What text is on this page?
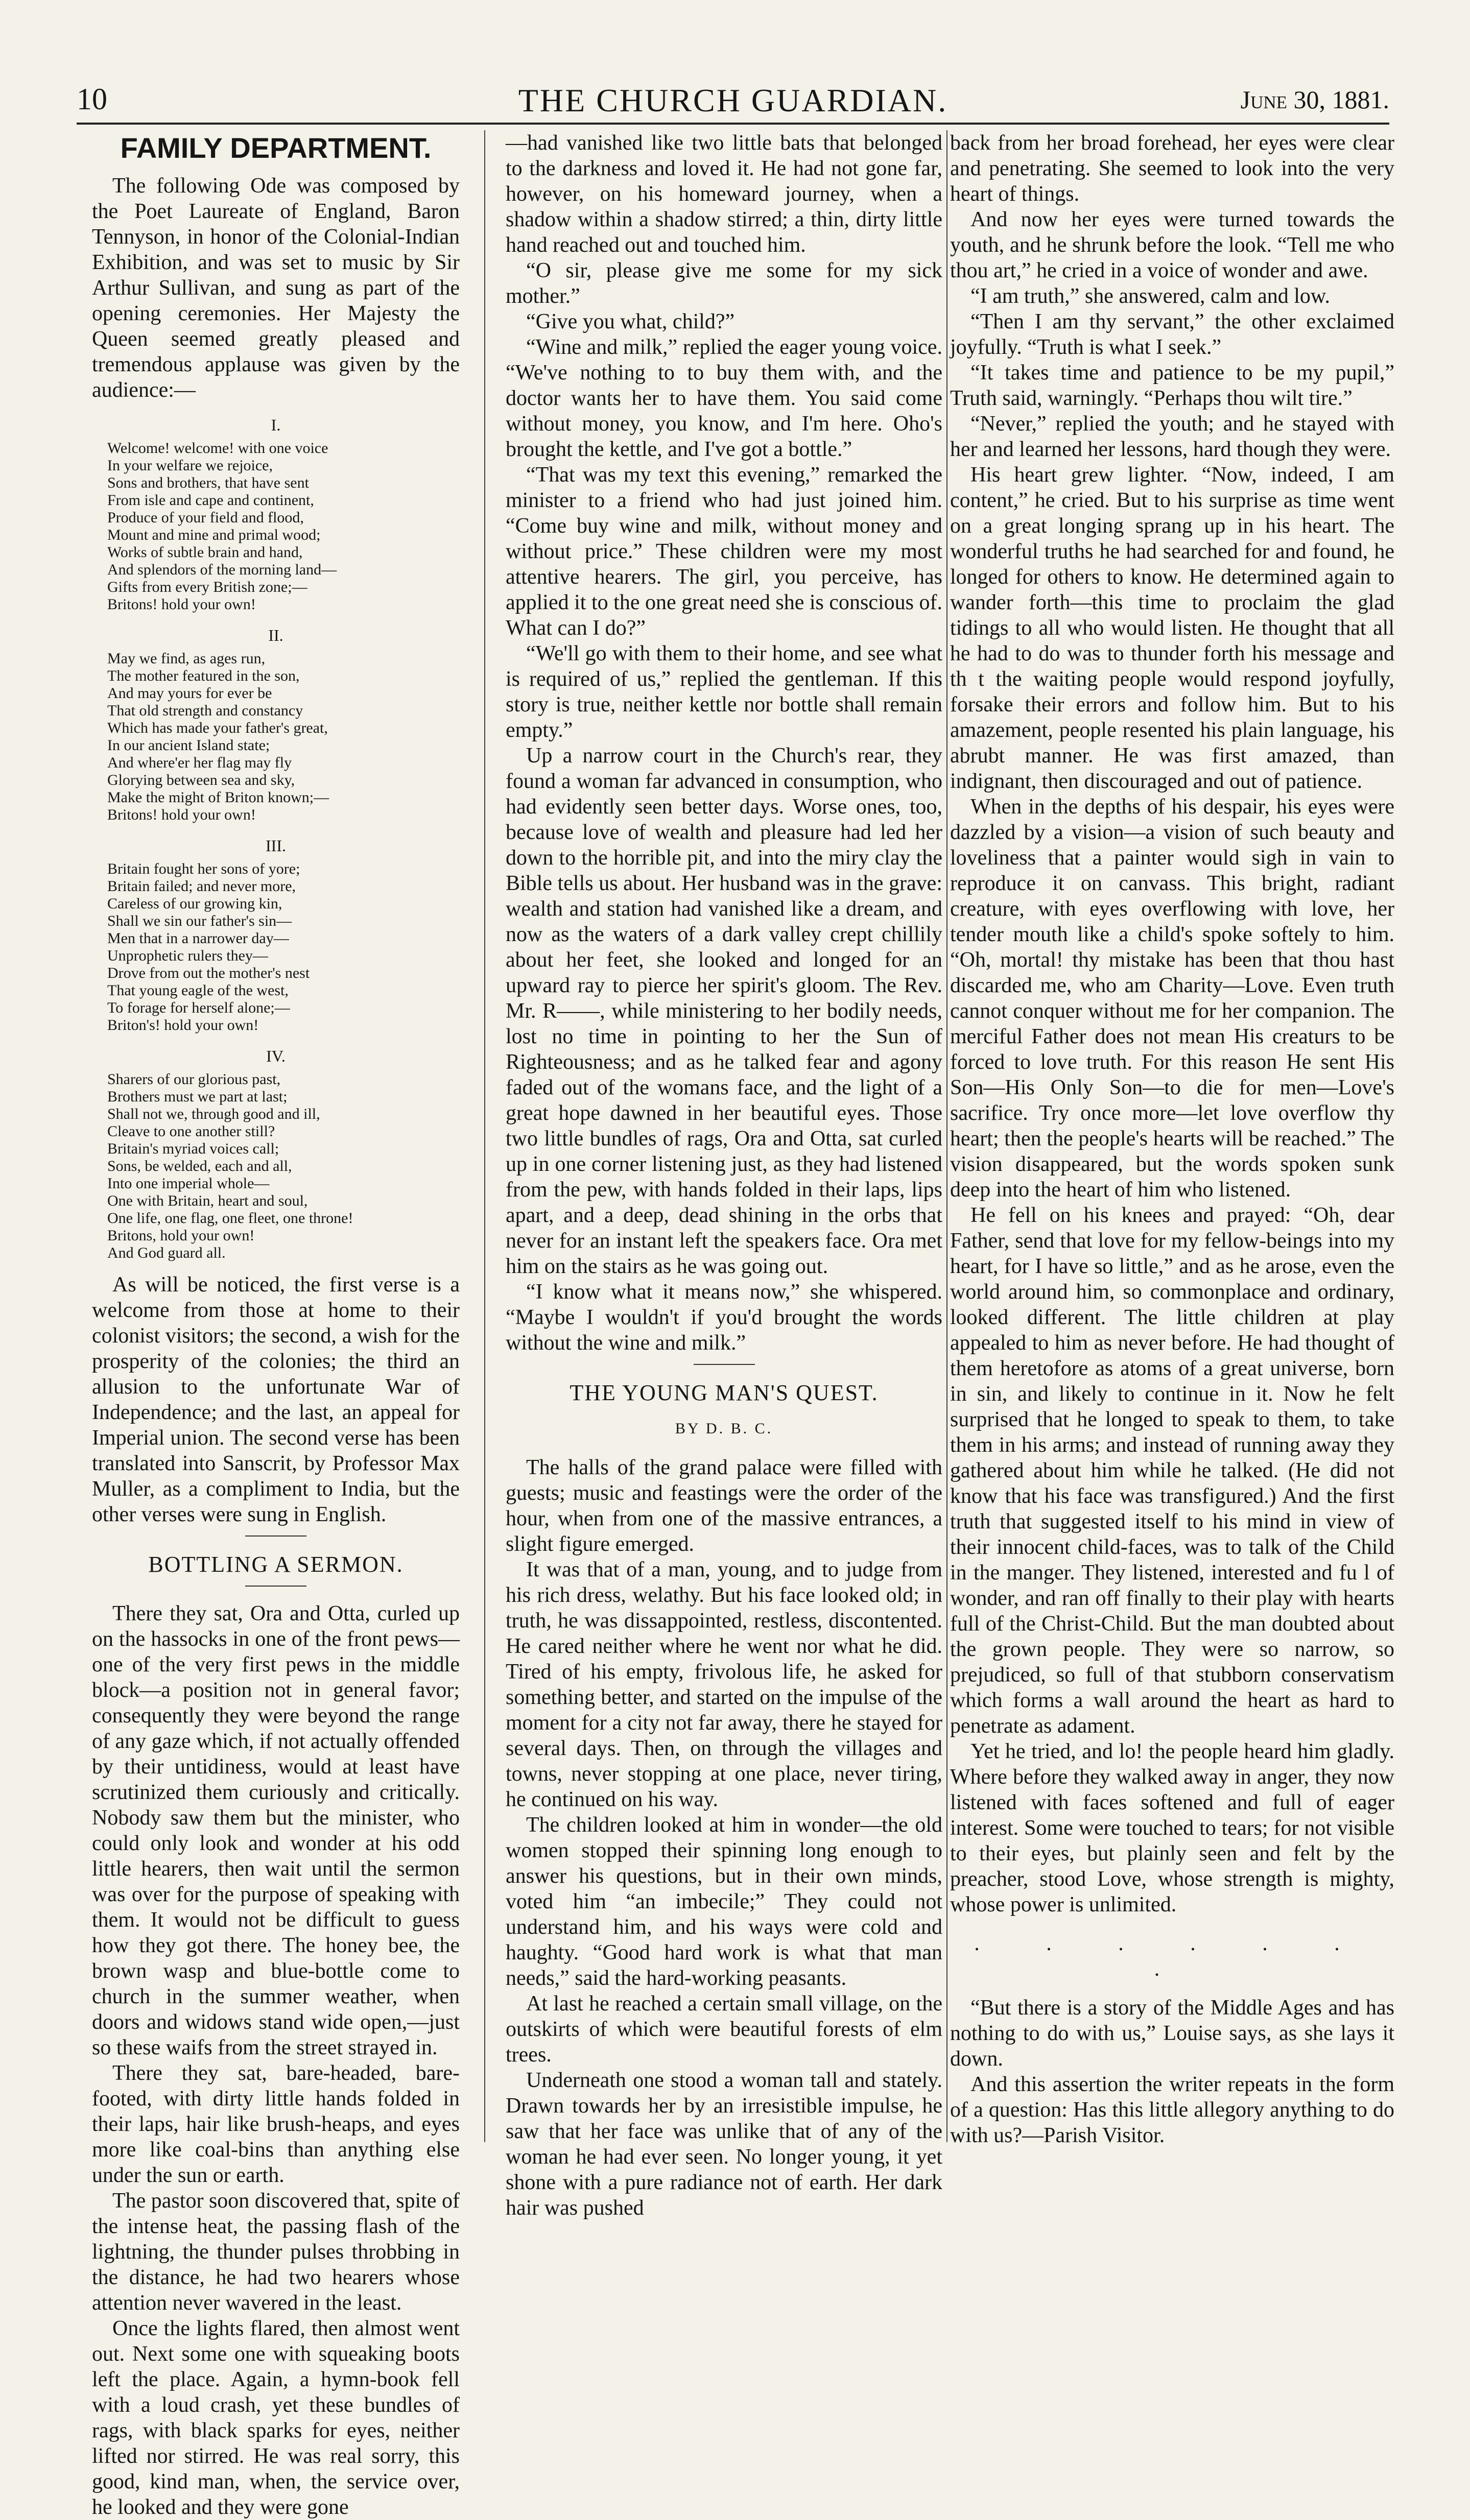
10	THE CHURCH GUARDIAN.	June 30, 1881.
FAMILY DEPARTMENT.

The following Ode was composed by the Poet Laureate of England, Baron Tennyson, in honor of the Colonial-Indian Exhibition, and was set to music by Sir Arthur Sullivan, and sung as part of the opening ceremonies. Her Majesty the Queen seemed greatly pleased and tremendous applause was given by the audience:—

I.
Welcome! welcome! with one voice
In your welfare we rejoice,
Sons and brothers, that have sent
From isle and cape and continent,
Produce of your field and flood,
Mount and mine and primal wood;
Works of subtle brain and hand,
And splendors of the morning land—
Gifts from every British zone;—
Britons! hold your own!
II.
May we find, as ages run,
The mother featured in the son,
And may yours for ever be
That old strength and constancy
Which has made your father's great,
In our ancient Island state;
And where'er her flag may fly
Glorying between sea and sky,
Make the might of Briton known;—
Britons! hold your own!
III.
Britain fought her sons of yore;
Britain failed; and never more,
Careless of our growing kin,
Shall we sin our father's sin—
Men that in a narrower day—
Unprophetic rulers they—
Drove from out the mother's nest
That young eagle of the west,
To forage for herself alone;—
Briton's! hold your own!
IV.
Sharers of our glorious past,
Brothers must we part at last;
Shall not we, through good and ill,
Cleave to one another still?
Britain's myriad voices call;
Sons, be welded, each and all,
Into one imperial whole—
One with Britain, heart and soul,
One life, one flag, one fleet, one throne!
Britons, hold your own!
And God guard all.

As will be noticed, the first verse is a welcome from those at home to their colonist visitors; the second, a wish for the prosperity of the colonies; the third an allusion to the unfortunate War of Independence; and the last, an appeal for Imperial union. The second verse has been translated into Sanscrit, by Professor Max Muller, as a compliment to India, but the other verses were sung in English.

BOTTLING A SERMON.

There they sat, Ora and Otta, curled up on the hassocks in one of the front pews—one of the very first pews in the middle block—a position not in general favor; consequently they were beyond the range of any gaze which, if not actually offended by their untidiness, would at least have scrutinized them curiously and critically. Nobody saw them but the minister, who could only look and wonder at his odd little hearers, then wait until the sermon was over for the purpose of speaking with them. It would not be difficult to guess how they got there. The honey bee, the brown wasp and blue-bottle come to church in the summer weather, when doors and widows stand wide open,—just so these waifs from the street strayed in.

There they sat, bare-headed, bare-footed, with dirty little hands folded in their laps, hair like brush-heaps, and eyes more like coal-bins than anything else under the sun or earth.

The pastor soon discovered that, spite of the intense heat, the passing flash of the lightning, the thunder pulses throbbing in the distance, he had two hearers whose attention never wavered in the least.

Once the lights flared, then almost went out. Next some one with squeaking boots left the place. Again, a hymn-book fell with a loud crash, yet these bundles of rags, with black sparks for eyes, neither lifted nor stirred. He was real sorry, this good, kind man, when, the service over, he looked and they were gone

—had vanished like two little bats that belonged to the darkness and loved it. He had not gone far, however, on his homeward journey, when a shadow within a shadow stirred; a thin, dirty little hand reached out and touched him.

“O sir, please give me some for my sick mother.”

“Give you what, child?”

“Wine and milk,” replied the eager young voice. “We've nothing to to buy them with, and the doctor wants her to have them. You said come without money, you know, and I'm here. Oho's brought the kettle, and I've got a bottle.”

“That was my text this evening,” remarked the minister to a friend who had just joined him. “Come buy wine and milk, without money and without price.” These children were my most attentive hearers. The girl, you perceive, has applied it to the one great need she is conscious of. What can I do?”

“We'll go with them to their home, and see what is required of us,” replied the gentleman. If this story is true, neither kettle nor bottle shall remain empty.”

Up a narrow court in the Church's rear, they found a woman far advanced in consumption, who had evidently seen better days. Worse ones, too, because love of wealth and pleasure had led her down to the horrible pit, and into the miry clay the Bible tells us about. Her husband was in the grave: wealth and station had vanished like a dream, and now as the waters of a dark valley crept chillily about her feet, she looked and longed for an upward ray to pierce her spirit's gloom. The Rev. Mr. R——, while ministering to her bodily needs, lost no time in pointing to her the Sun of Righteousness; and as he talked fear and agony faded out of the womans face, and the light of a great hope dawned in her beautiful eyes. Those two little bundles of rags, Ora and Otta, sat curled up in one corner listening just, as they had listened from the pew, with hands folded in their laps, lips apart, and a deep, dead shining in the orbs that never for an instant left the speakers face. Ora met him on the stairs as he was going out.

“I know what it means now,” she whispered. “Maybe I wouldn't if you'd brought the words without the wine and milk.”

THE YOUNG MAN'S QUEST.
BY D. B. C.

The halls of the grand palace were filled with guests; music and feastings were the order of the hour, when from one of the massive entrances, a slight figure emerged.

It was that of a man, young, and to judge from his rich dress, welathy. But his face looked old; in truth, he was dissappointed, restless, discontented. He cared neither where he went nor what he did. Tired of his empty, frivolous life, he asked for something better, and started on the impulse of the moment for a city not far away, there he stayed for several days. Then, on through the villages and towns, never stopping at one place, never tiring, he continued on his way.

The children looked at him in wonder—the old women stopped their spinning long enough to answer his questions, but in their own minds, voted him “an imbecile;” They could not understand him, and his ways were cold and haughty. “Good hard work is what that man needs,” said the hard-working peasants.

At last he reached a certain small village, on the outskirts of which were beautiful forests of elm trees.

Underneath one stood a woman tall and stately. Drawn towards her by an irresistible impulse, he saw that her face was unlike that of any of the woman he had ever seen. No longer young, it yet shone with a pure radiance not of earth. Her dark hair was pushed

back from her broad forehead, her eyes were clear and penetrating. She seemed to look into the very heart of things.

And now her eyes were turned towards the youth, and he shrunk before the look. “Tell me who thou art,” he cried in a voice of wonder and awe.

“I am truth,” she answered, calm and low.

“Then I am thy servant,” the other exclaimed joyfully. “Truth is what I seek.”

“It takes time and patience to be my pupil,” Truth said, warningly. “Perhaps thou wilt tire.”

“Never,” replied the youth; and he stayed with her and learned her lessons, hard though they were.

His heart grew lighter. “Now, indeed, I am content,” he cried. But to his surprise as time went on a great longing sprang up in his heart. The wonderful truths he had searched for and found, he longed for others to know. He determined again to wander forth—this time to proclaim the glad tidings to all who would listen. He thought that all he had to do was to thunder forth his message and th t the waiting people would respond joyfully, forsake their errors and follow him. But to his amazement, people resented his plain language, his abrubt manner. He was first amazed, than indignant, then discouraged and out of patience.

When in the depths of his despair, his eyes were dazzled by a vision—a vision of such beauty and loveliness that a painter would sigh in vain to reproduce it on canvass. This bright, radiant creature, with eyes overflowing with love, her tender mouth like a child's spoke softely to him. “Oh, mortal! thy mistake has been that thou hast discarded me, who am Charity—Love. Even truth cannot conquer without me for her companion. The merciful Father does not mean His creaturs to be forced to love truth. For this reason He sent His Son—His Only Son—to die for men—Love's sacrifice. Try once more—let love overflow thy heart; then the people's hearts will be reached.” The vision disappeared, but the words spoken sunk deep into the heart of him who listened.

He fell on his knees and prayed: “Oh, dear Father, send that love for my fellow-beings into my heart, for I have so little,” and as he arose, even the world around him, so commonplace and ordinary, looked different. The little children at play appealed to him as never before. He had thought of them heretofore as atoms of a great universe, born in sin, and likely to continue in it. Now he felt surprised that he longed to speak to them, to take them in his arms; and instead of running away they gathered about him while he talked. (He did not know that his face was transfigured.) And the first truth that suggested itself to his mind in view of their innocent child-faces, was to talk of the Child in the manger. They listened, interested and fu l of wonder, and ran off finally to their play with hearts full of the Christ-Child. But the man doubted about the grown people. They were so narrow, so prejudiced, so full of that stubborn conservatism which forms a wall around the heart as hard to penetrate as adament.

Yet he tried, and lo! the people heard him gladly. Where before they walked away in anger, they now listened with faces softened and full of eager interest. Some were touched to tears; for not visible to their eyes, but plainly seen and felt by the preacher, stood Love, whose strength is mighty, whose power is unlimited.

. . . . . . .

“But there is a story of the Middle Ages and has nothing to do with us,” Louise says, as she lays it down.

And this assertion the writer repeats in the form of a question: Has this little allegory anything to do with us?—Parish Visitor.
